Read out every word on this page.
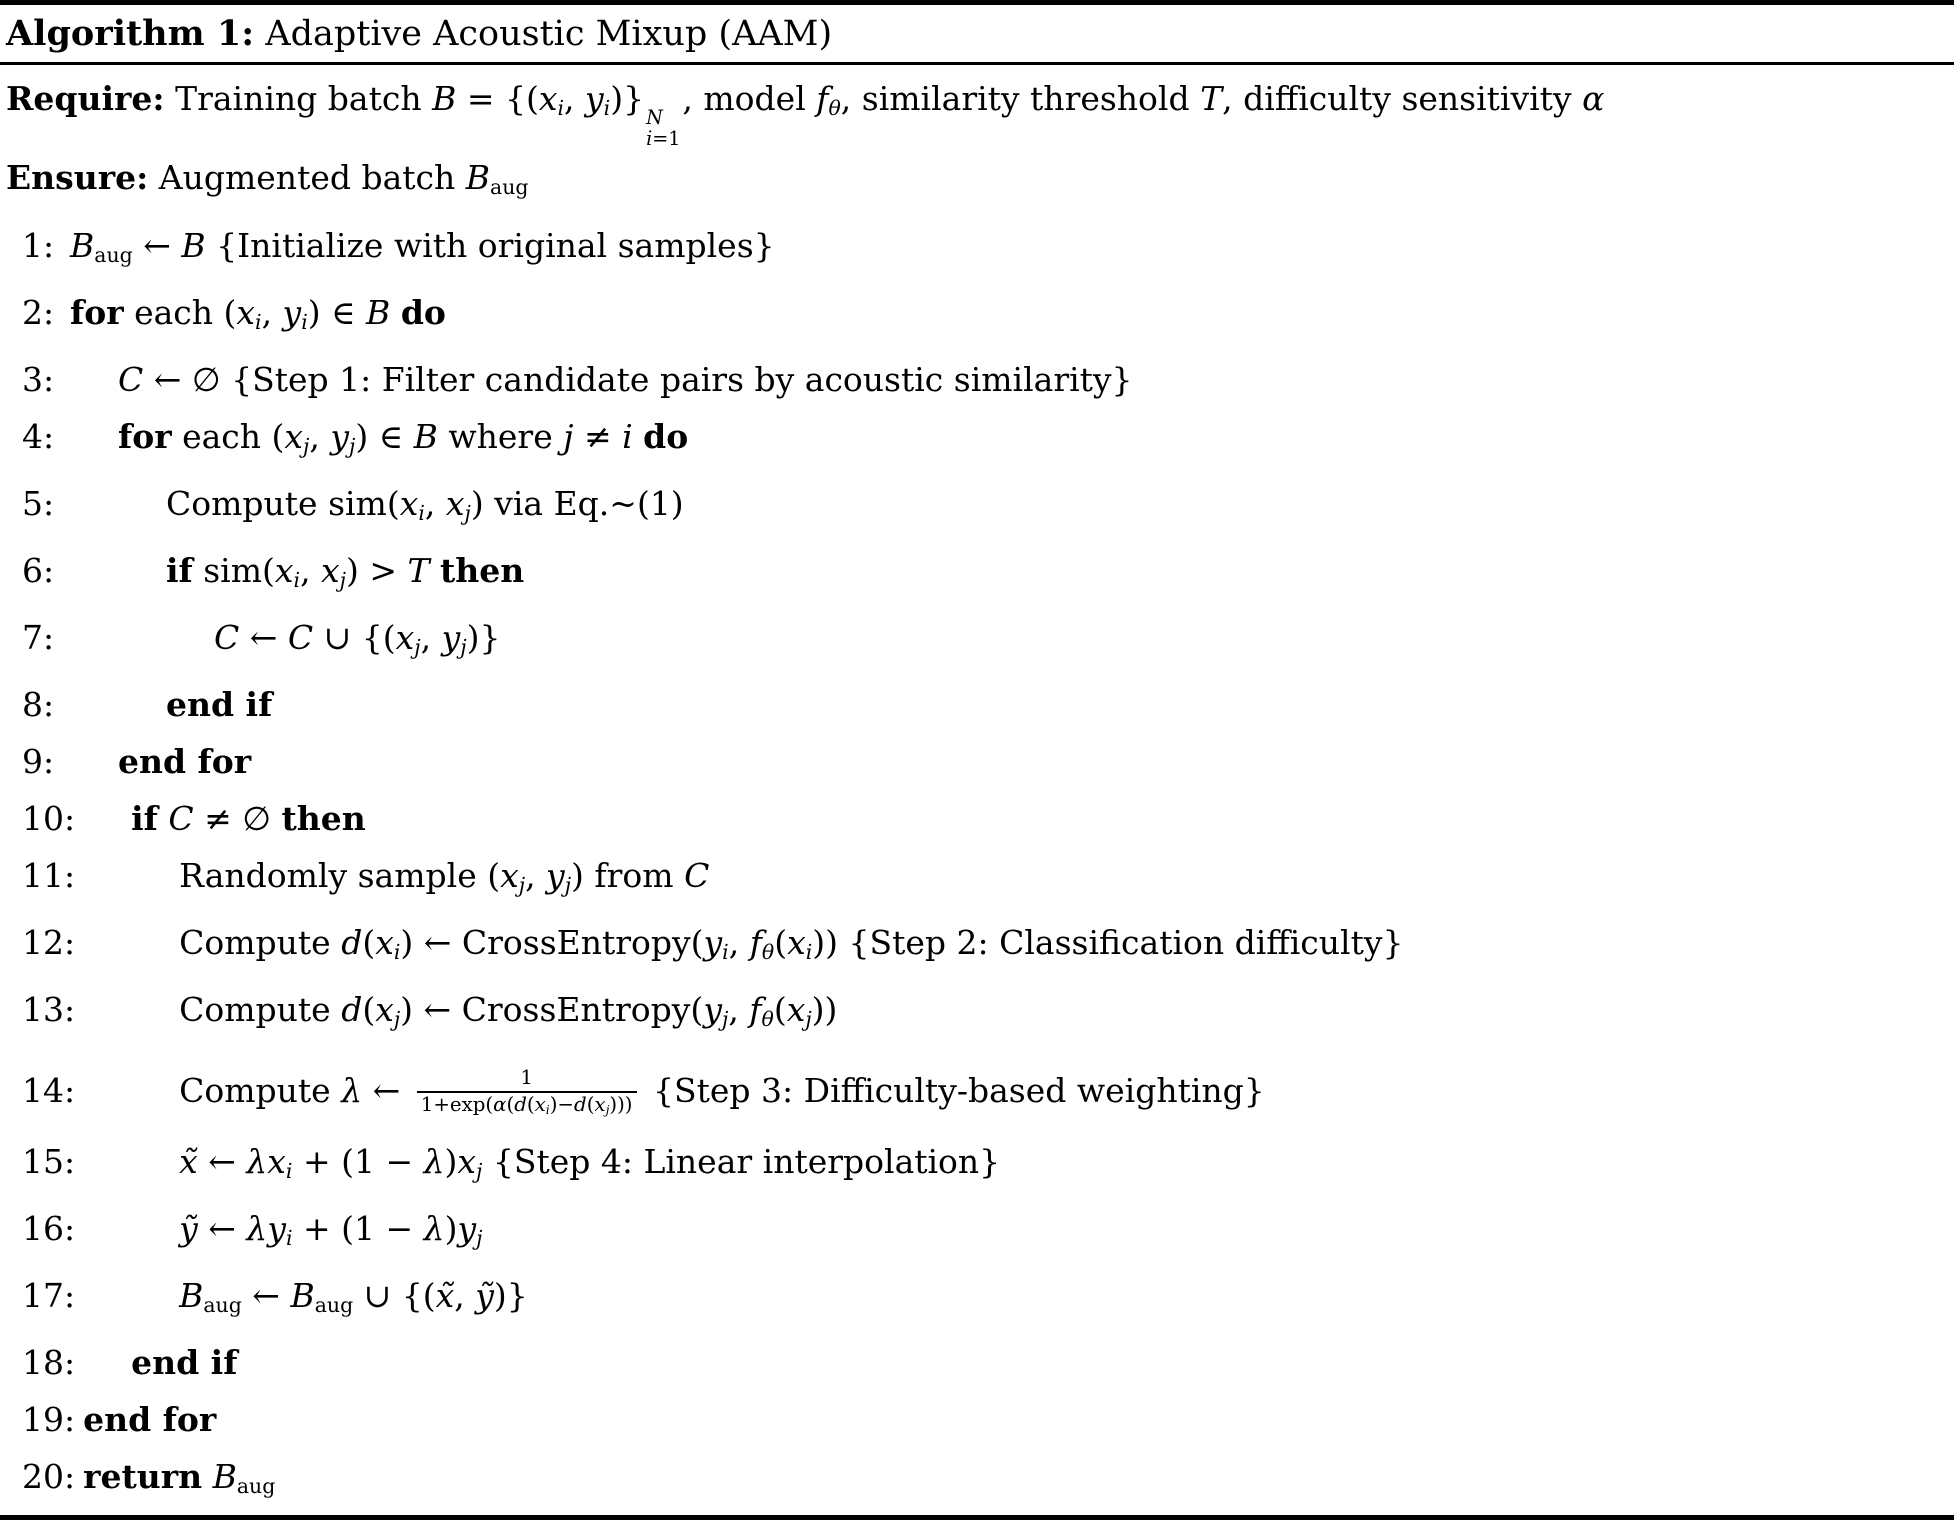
Algorithm 1: Adaptive Acoustic Mixup (AAM)
Require: Training batch $B = \{(x_i$, $y_i$)} N
i=1
, model $f_\theta$, similarity threshold T, difficulty sensitivity α
Ensure: Augmented batch $B_{aug}$
1: $B_{aug}$ ← B {Initialize with original samples}
2: for each ($x_i$, $y_i$) ∈ B do
3: C ← ∅ {Step 1: Filter candidate pairs by acoustic similarity}
4: for each ($x_j$, $y_j$) ∈ B where j ≠ i do
5:	Compute $sim(x_i$, $x_j$) via Eq.~(1)
6:	if $sim(x_i$, $x_j) > T$ then
7:	C ← C ∪ {($x_j$, $y_j$)}
8:	end if
9: end for
10: if C ≠ ∅ then
11:	Randomly sample ($x_j$, $y_j$) from C
12:	Compute $d(x_i)$ ← $CrossEntropy(y_i$, $f_\theta(x_i)$) {Step 2: Classification difficulty}
13:	Compute $d(x_j)$ ← $CrossEntropy(y_j$, $f_\theta(x_j)$)
14:	Compute λ ← $\frac{1}{1+\exp(\alpha(d(x_i)-d(x_j)))}$ {Step 3: Difficulty-based weighting}
15:	x̃ ← $\lambda x_i + (1 - \lambda)x_j$ {Step 4: Linear interpolation}
16:	ỹ ← $\lambda y_i + (1 - \lambda)y_j$
17:	$B_{aug}$ ← $B_{aug}$ ∪ {(x̃, ỹ)}
18: end if
19: end for
20: return $B_{aug}$
